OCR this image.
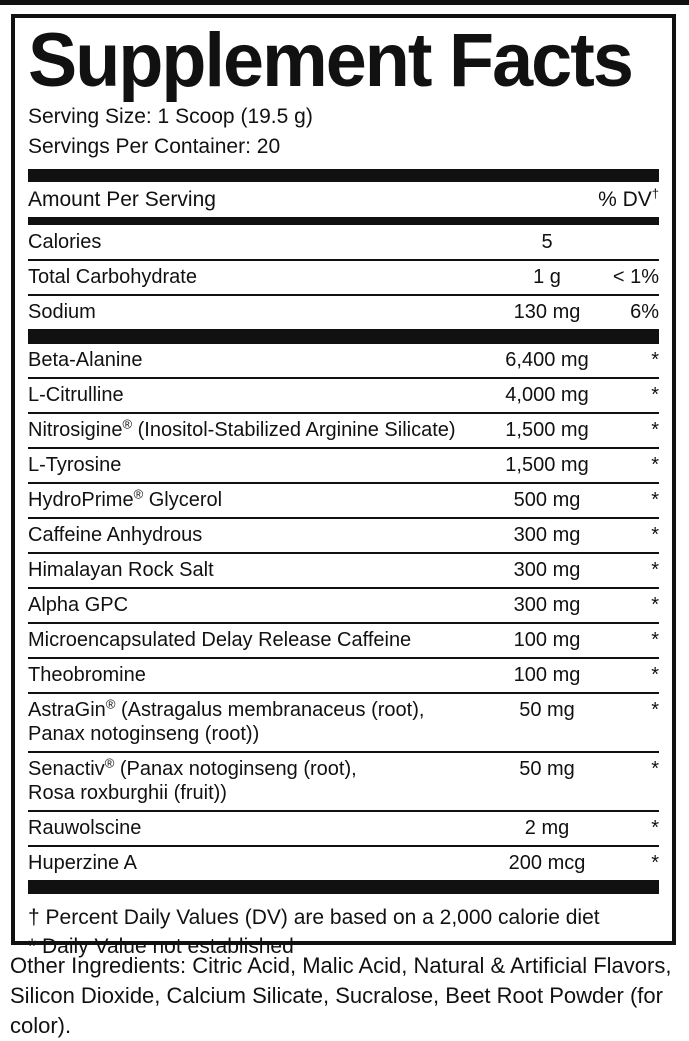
Supplement Facts
Serving Size: 1 Scoop (19.5 g)
Servings Per Container: 20
Amount Per Serving	% DV†
Calories	5
Total Carbohydrate	1 g	< 1%
Sodium	130 mg	6%
Beta-Alanine	6,400 mg	*
L-Citrulline	4,000 mg	*
Nitrosigine® (Inositol-Stabilized Arginine Silicate)	1,500 mg	*
L-Tyrosine	1,500 mg	*
HydroPrime® Glycerol	500 mg	*
Caffeine Anhydrous	300 mg	*
Himalayan Rock Salt	300 mg	*
Alpha GPC	300 mg	*
Microencapsulated Delay Release Caffeine	100 mg	*
Theobromine	100 mg	*
AstraGin® (Astragalus membranaceus (root),
Panax notoginseng (root))
50 mg	*
Senactiv® (Panax notoginseng (root),
Rosa roxburghii (fruit))
50 mg	*
Rauwolscine	2 mg	*
Huperzine A	200 mcg	*
† Percent Daily Values (DV) are based on a 2,000 calorie diet
* Daily Value not established
Other Ingredients: Citric Acid, Malic Acid, Natural & Artificial Flavors,
Silicon Dioxide, Calcium Silicate, Sucralose, Beet Root Powder (for color).
